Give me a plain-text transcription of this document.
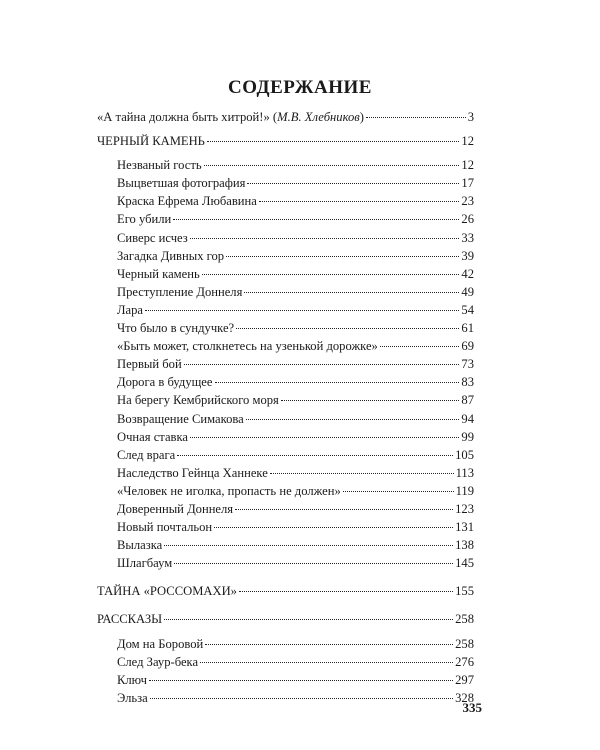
СОДЕРЖАНИЕ
«А тайна должна быть хитрой!» (М.В. Хлебников)	3
ЧЕРНЫЙ КАМЕНЬ	12
Незваный гость	12
Выцветшая фотография	17
Краска Ефрема Любавина	23
Его убили	26
Сиверс исчез	33
Загадка Дивных гор	39
Черный камень	42
Преступление Доннеля	49
Лара	54
Что было в сундучке?	61
«Быть может, столкнетесь на узенькой дорожке»	69
Первый бой	73
Дорога в будущее	83
На берегу Кембрийского моря	87
Возвращение Симакова	94
Очная ставка	99
След врага	105
Наследство Гейнца Ханнеке	113
«Человек не иголка, пропасть не должен»	119
Доверенный Доннеля	123
Новый почтальон	131
Вылазка	138
Шлагбаум	145
ТАЙНА «РОССОМАХИ»	155
РАССКАЗЫ	258
Дом на Боровой	258
След Заур-бека	276
Ключ	297
Эльза	328
335
